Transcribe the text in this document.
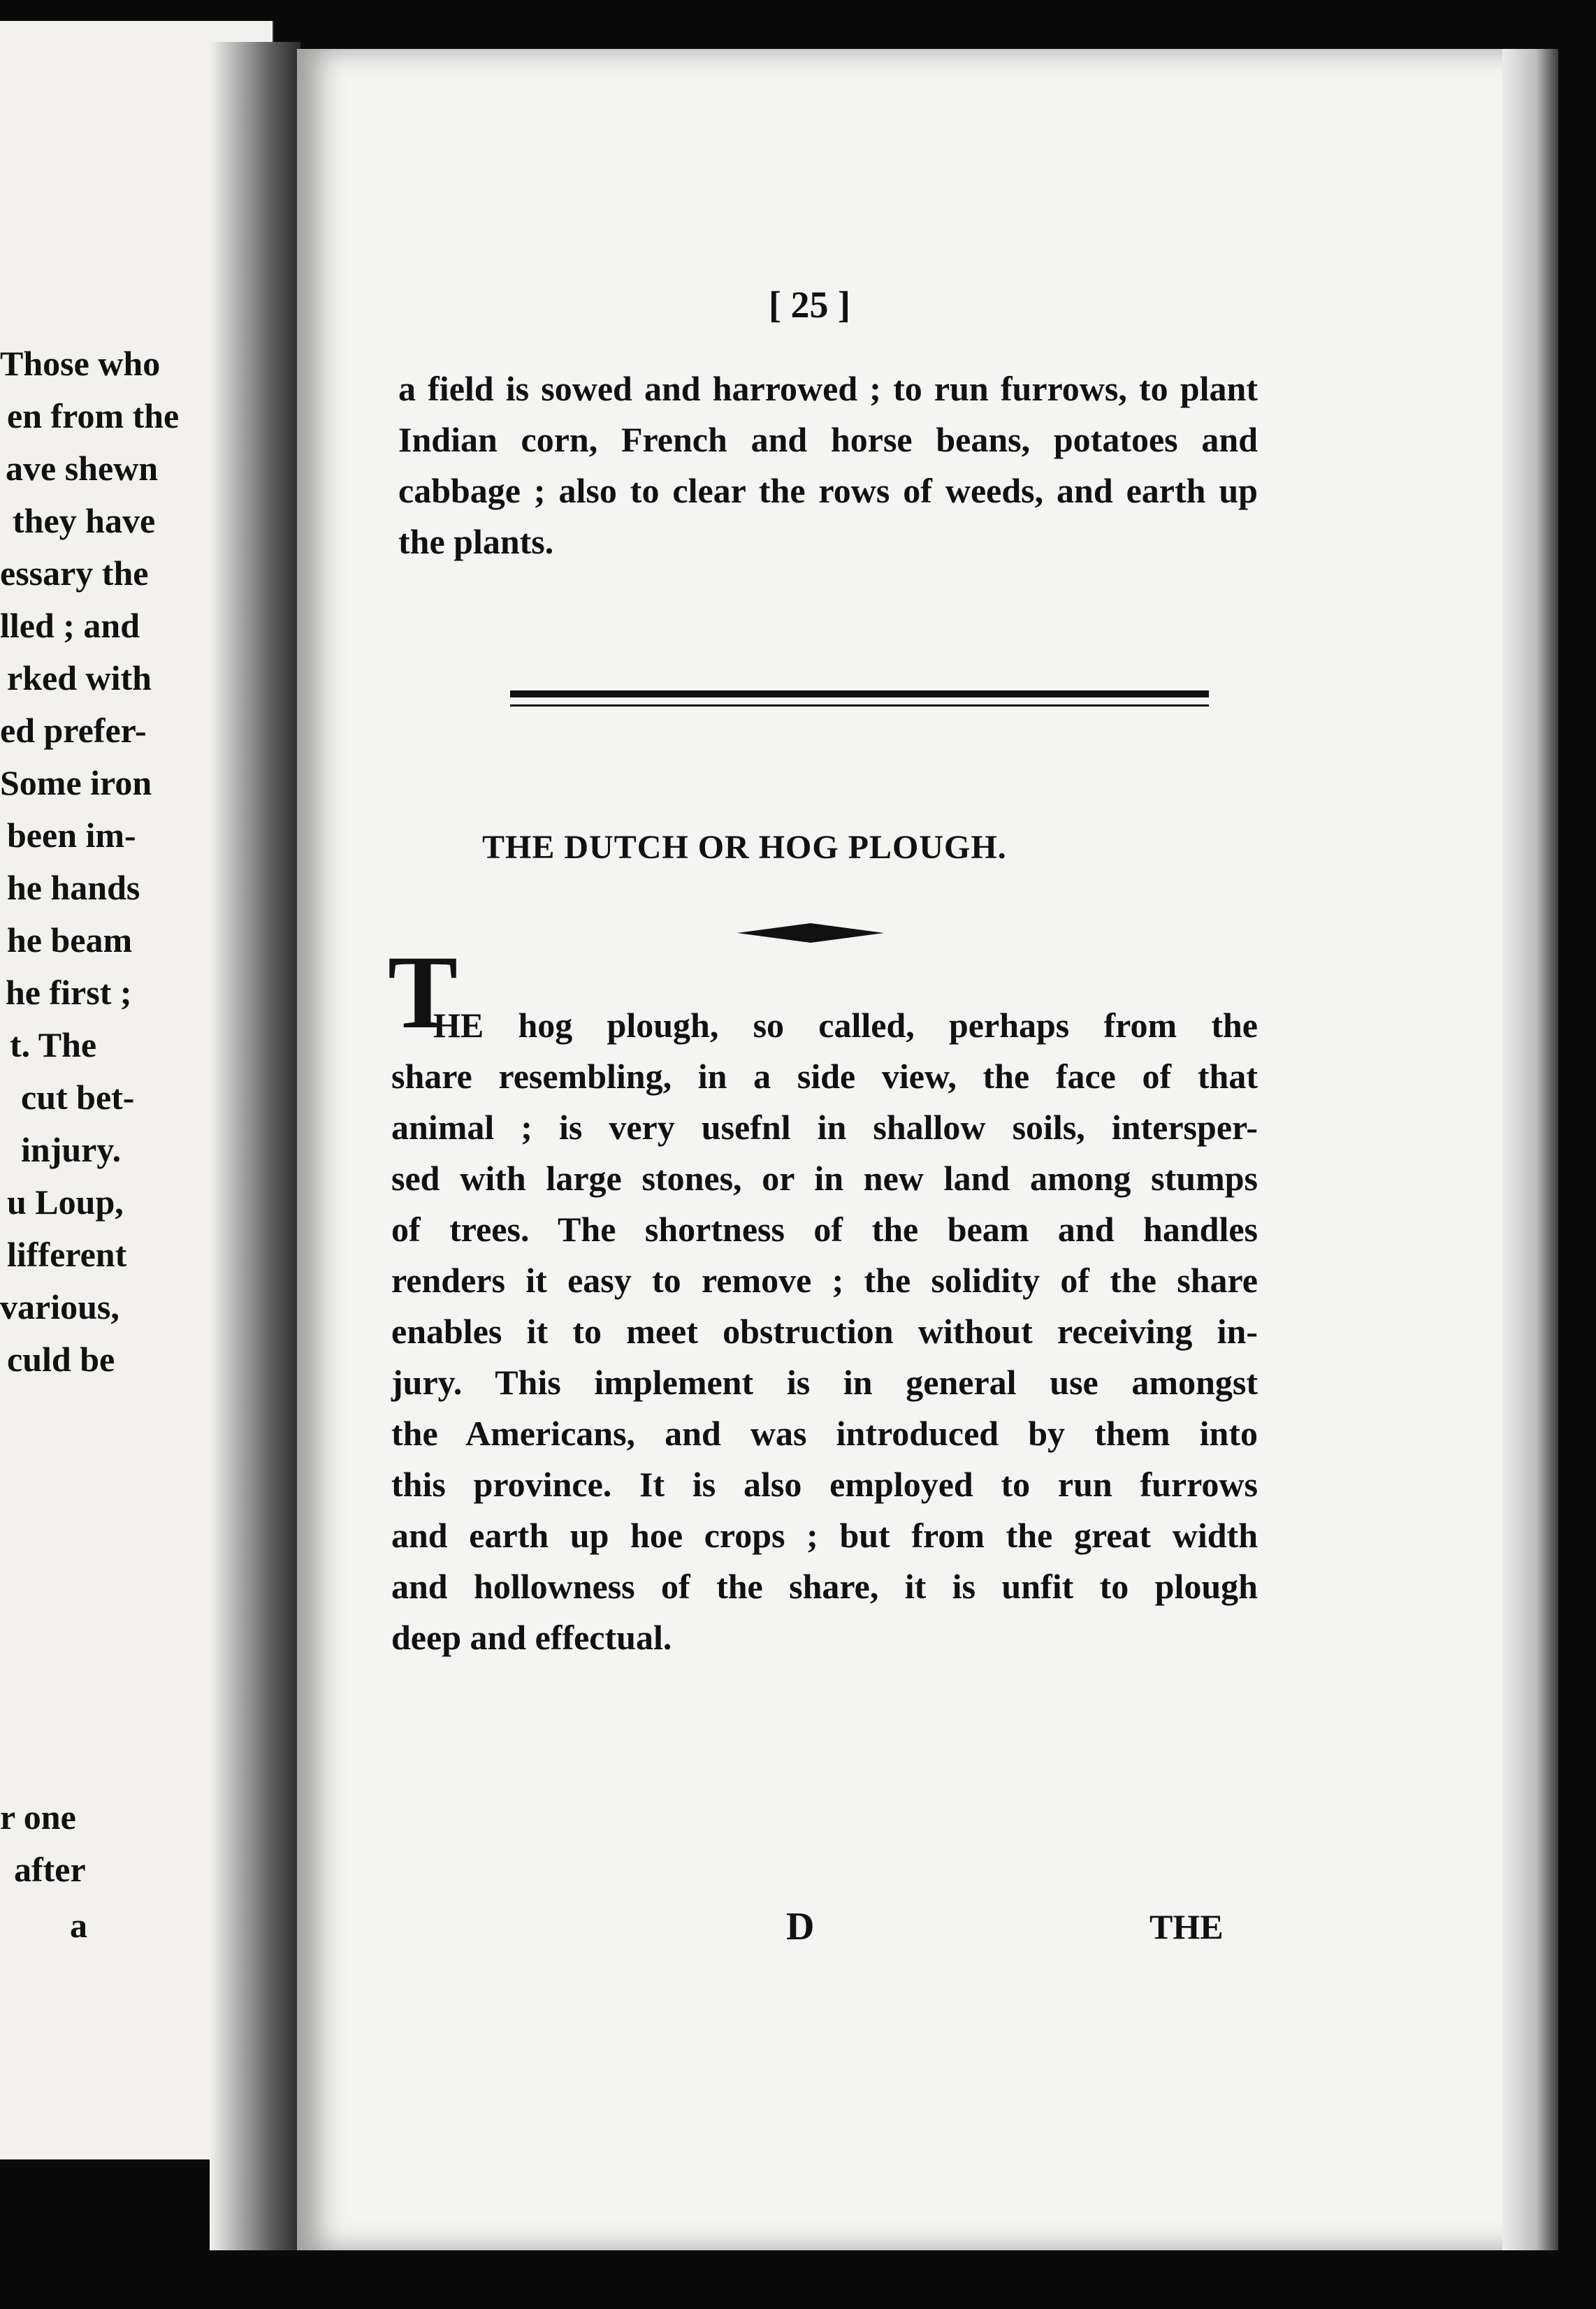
Those who
en from the
ave shewn
they have
essary the
lled ; and
rked with
ed prefer-
Some iron
been im-
he hands
he beam
he first ;
t. The
cut bet-
injury.
u Loup,
lifferent
various,
culd be
r one
after
a
[ 25 ]
a field is sowed and harrowed ; to run furrows, to plant Indian corn, French and horse beans, potatoes and cabbage ; also to clear the rows of weeds, and earth up the plants.
THE DUTCH OR HOG PLOUGH.
T
HE hog plough, so called, perhaps from the
share resembling, in a side view, the face of that
animal ; is very usefnl in shallow soils, intersper-
sed with large stones, or in new land among stumps
of trees. The shortness of the beam and handles
renders it easy to remove ; the solidity of the share
enables it to meet obstruction without receiving in-
jury. This implement is in general use amongst
the Americans, and was introduced by them into
this province. It is also employed to run furrows
and earth up hoe crops ; but from the great width
and hollowness of the share, it is unfit to plough
deep and effectual.
D	THE
